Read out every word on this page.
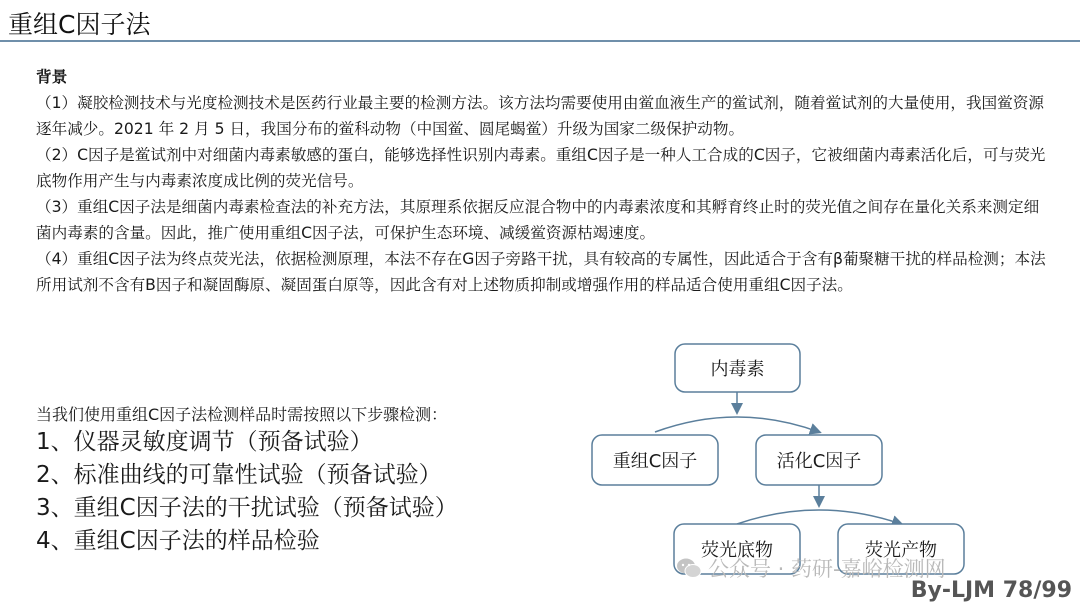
重组C因子法
背景

（1）凝胶检测技术与光度检测技术是医药行业最主要的检测方法。该方法均需要使用由鲎血液生产的鲎试剂，随着鲎试剂的大量使用，我国鲎资源逐年减少。2021 年 2 月 5 日，我国分布的鲎科动物（中国鲎、圆尾蝎鲎）升级为国家二级保护动物。

（2）C因子是鲎试剂中对细菌内毒素敏感的蛋白，能够选择性识别内毒素。重组C因子是一种人工合成的C因子，它被细菌内毒素活化后，可与荧光底物作用产生与内毒素浓度成比例的荧光信号。

（3）重组C因子法是细菌内毒素检查法的补充方法，其原理系依据反应混合物中的内毒素浓度和其孵育终止时的荧光值之间存在量化关系来测定细菌内毒素的含量。因此，推广使用重组C因子法，可保护生态环境、减缓鲎资源枯竭速度。

（4）重组C因子法为终点荧光法，依据检测原理，本法不存在G因子旁路干扰，具有较高的专属性，因此适合于含有β葡聚糖干扰的样品检测；本法所用试剂不含有B因子和凝固酶原、凝固蛋白原等，因此含有对上述物质抑制或增强作用的样品适合使用重组C因子法。

当我们使用重组C因子法检测样品时需按照以下步骤检测：
1、仪器灵敏度调节（预备试验）
2、标准曲线的可靠性试验（预备试验）
3、重组C因子法的干扰试验（预备试验）
4、重组C因子法的样品检验
内毒素
重组C因子	活化C因子
荧光底物	荧光产物
公众号 · 药研-嘉峪检测网
By-LJM 78/99
